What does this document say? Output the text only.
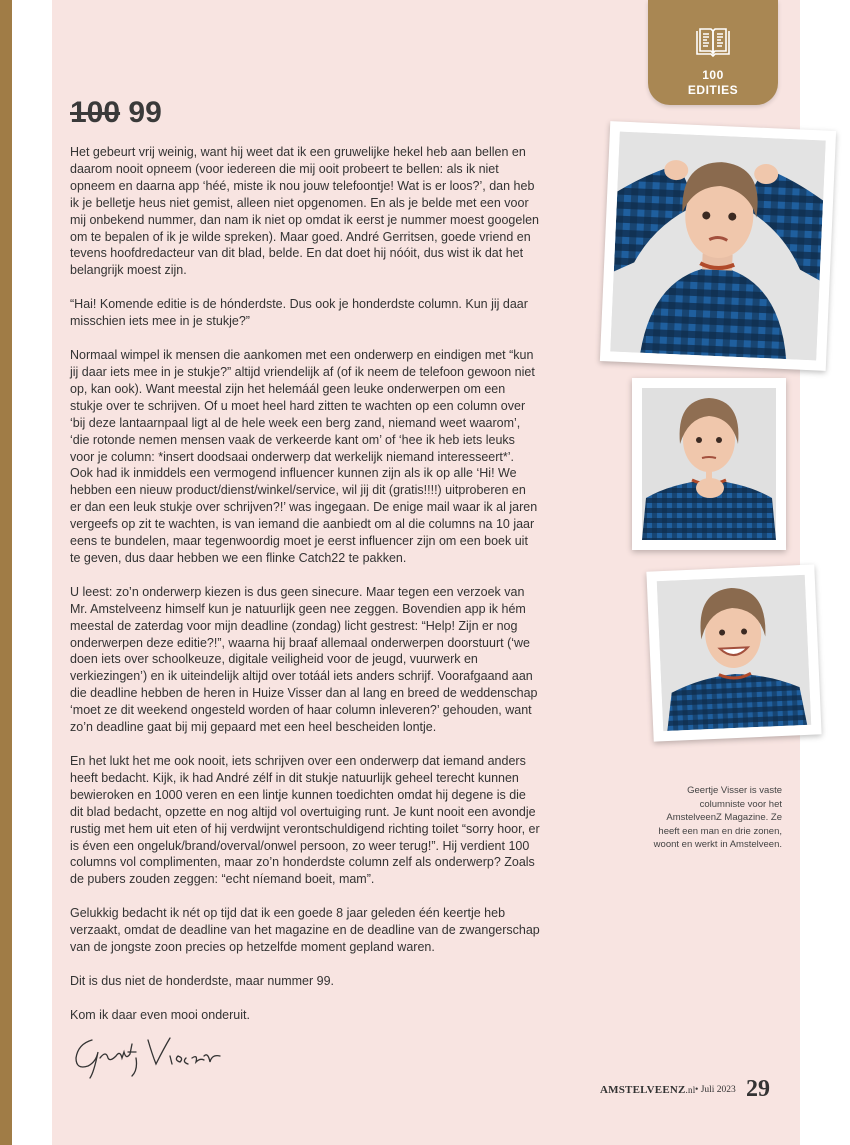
100
EDITIES
100 99

Het gebeurt vrij weinig, want hij weet dat ik een gruwelijke hekel heb aan bellen en daarom nooit opneem (voor iedereen die mij ooit probeert te bellen: als ik niet opneem en daarna app ‘héé, miste ik nou jouw telefoontje! Wat is er loos?’, dan heb ik je belletje heus niet gemist, alleen niet opgenomen. En als je belde met een voor mij onbekend nummer, dan nam ik niet op omdat ik eerst je nummer moest googelen om te bepalen of ik je wilde spreken). Maar goed. André Gerritsen, goede vriend en tevens hoofdredacteur van dit blad, belde. En dat doet hij nóóit, dus wist ik dat het belangrijk moest zijn.

“Hai! Komende editie is de hónderdste. Dus ook je honderdste column. Kun jij daar misschien iets mee in je stukje?”

Normaal wimpel ik mensen die aankomen met een onderwerp en eindigen met “kun jij daar iets mee in je stukje?” altijd vriendelijk af (of ik neem de telefoon gewoon niet op, kan ook). Want meestal zijn het helemáál geen leuke onderwerpen om een stukje over te schrijven. Of u moet heel hard zitten te wachten op een column over ‘bij deze lantaarnpaal ligt al de hele week een berg zand, niemand weet waarom’, ‘die rotonde nemen mensen vaak de verkeerde kant om’ of ‘hee ik heb iets leuks voor je column: *insert doodsaai onderwerp dat werkelijk niemand interesseert*’. Ook had ik inmiddels een vermogend influencer kunnen zijn als ik op alle ‘Hi! We hebben een nieuw product/dienst/winkel/service, wil jij dit (gratis!!!!) uitproberen en er dan een leuk stukje over schrijven?!’ was ingegaan. De enige mail waar ik al jaren vergeefs op zit te wachten, is van iemand die aanbiedt om al die columns na 10 jaar eens te bundelen, maar tegenwoordig moet je eerst influencer zijn om een boek uit te geven, dus daar hebben we een flinke Catch22 te pakken.

U leest: zo’n onderwerp kiezen is dus geen sinecure. Maar tegen een verzoek van Mr. Amstelveenz himself kun je natuurlijk geen nee zeggen. Bovendien app ik hém meestal de zaterdag voor mijn deadline (zondag) licht gestrest: “Help! Zijn er nog onderwerpen deze editie?!”, waarna hij braaf allemaal onderwerpen doorstuurt (‘we doen iets over schoolkeuze, digitale veiligheid voor de jeugd, vuurwerk en verkiezingen’) en ik uiteindelijk altijd over totáál iets anders schrijf. Voorafgaand aan die deadline hebben de heren in Huize Visser dan al lang en breed de weddenschap ‘moet ze dit weekend ongesteld worden of haar column inleveren?’ gehouden, want zo’n deadline gaat bij mij gepaard met een heel bescheiden lontje.

En het lukt het me ook nooit, iets schrijven over een onderwerp dat iemand anders heeft bedacht. Kijk, ik had André zélf in dit stukje natuurlijk geheel terecht kunnen bewieroken en 1000 veren en een lintje kunnen toedichten omdat hij degene is die dit blad bedacht, opzette en nog altijd vol overtuiging runt. Je kunt nooit een avondje rustig met hem uit eten of hij verdwijnt verontschuldigend richting toilet “sorry hoor, er is éven een ongeluk/brand/overval/onwel persoon, zo weer terug!”. Hij verdient 100 columns vol complimenten, maar zo’n honderdste column zelf als onderwerp? Zoals de pubers zouden zeggen: “echt níemand boeit, mam”.

Gelukkig bedacht ik nét op tijd dat ik een goede 8 jaar geleden één keertje heb verzaakt, omdat de deadline van het magazine en de deadline van de zwangerschap van de jongste zoon precies op hetzelfde moment gepland waren.

Dit is dus niet de honderdste, maar nummer 99.

Kom ik daar even mooi onderuit.

Geertje Visser is vaste columniste voor het AmstelveenZ Magazine. Ze heeft een man en drie zonen, woont en werkt in Amstelveen.
AMSTELVEENZ.nl • Juli 2023 29
